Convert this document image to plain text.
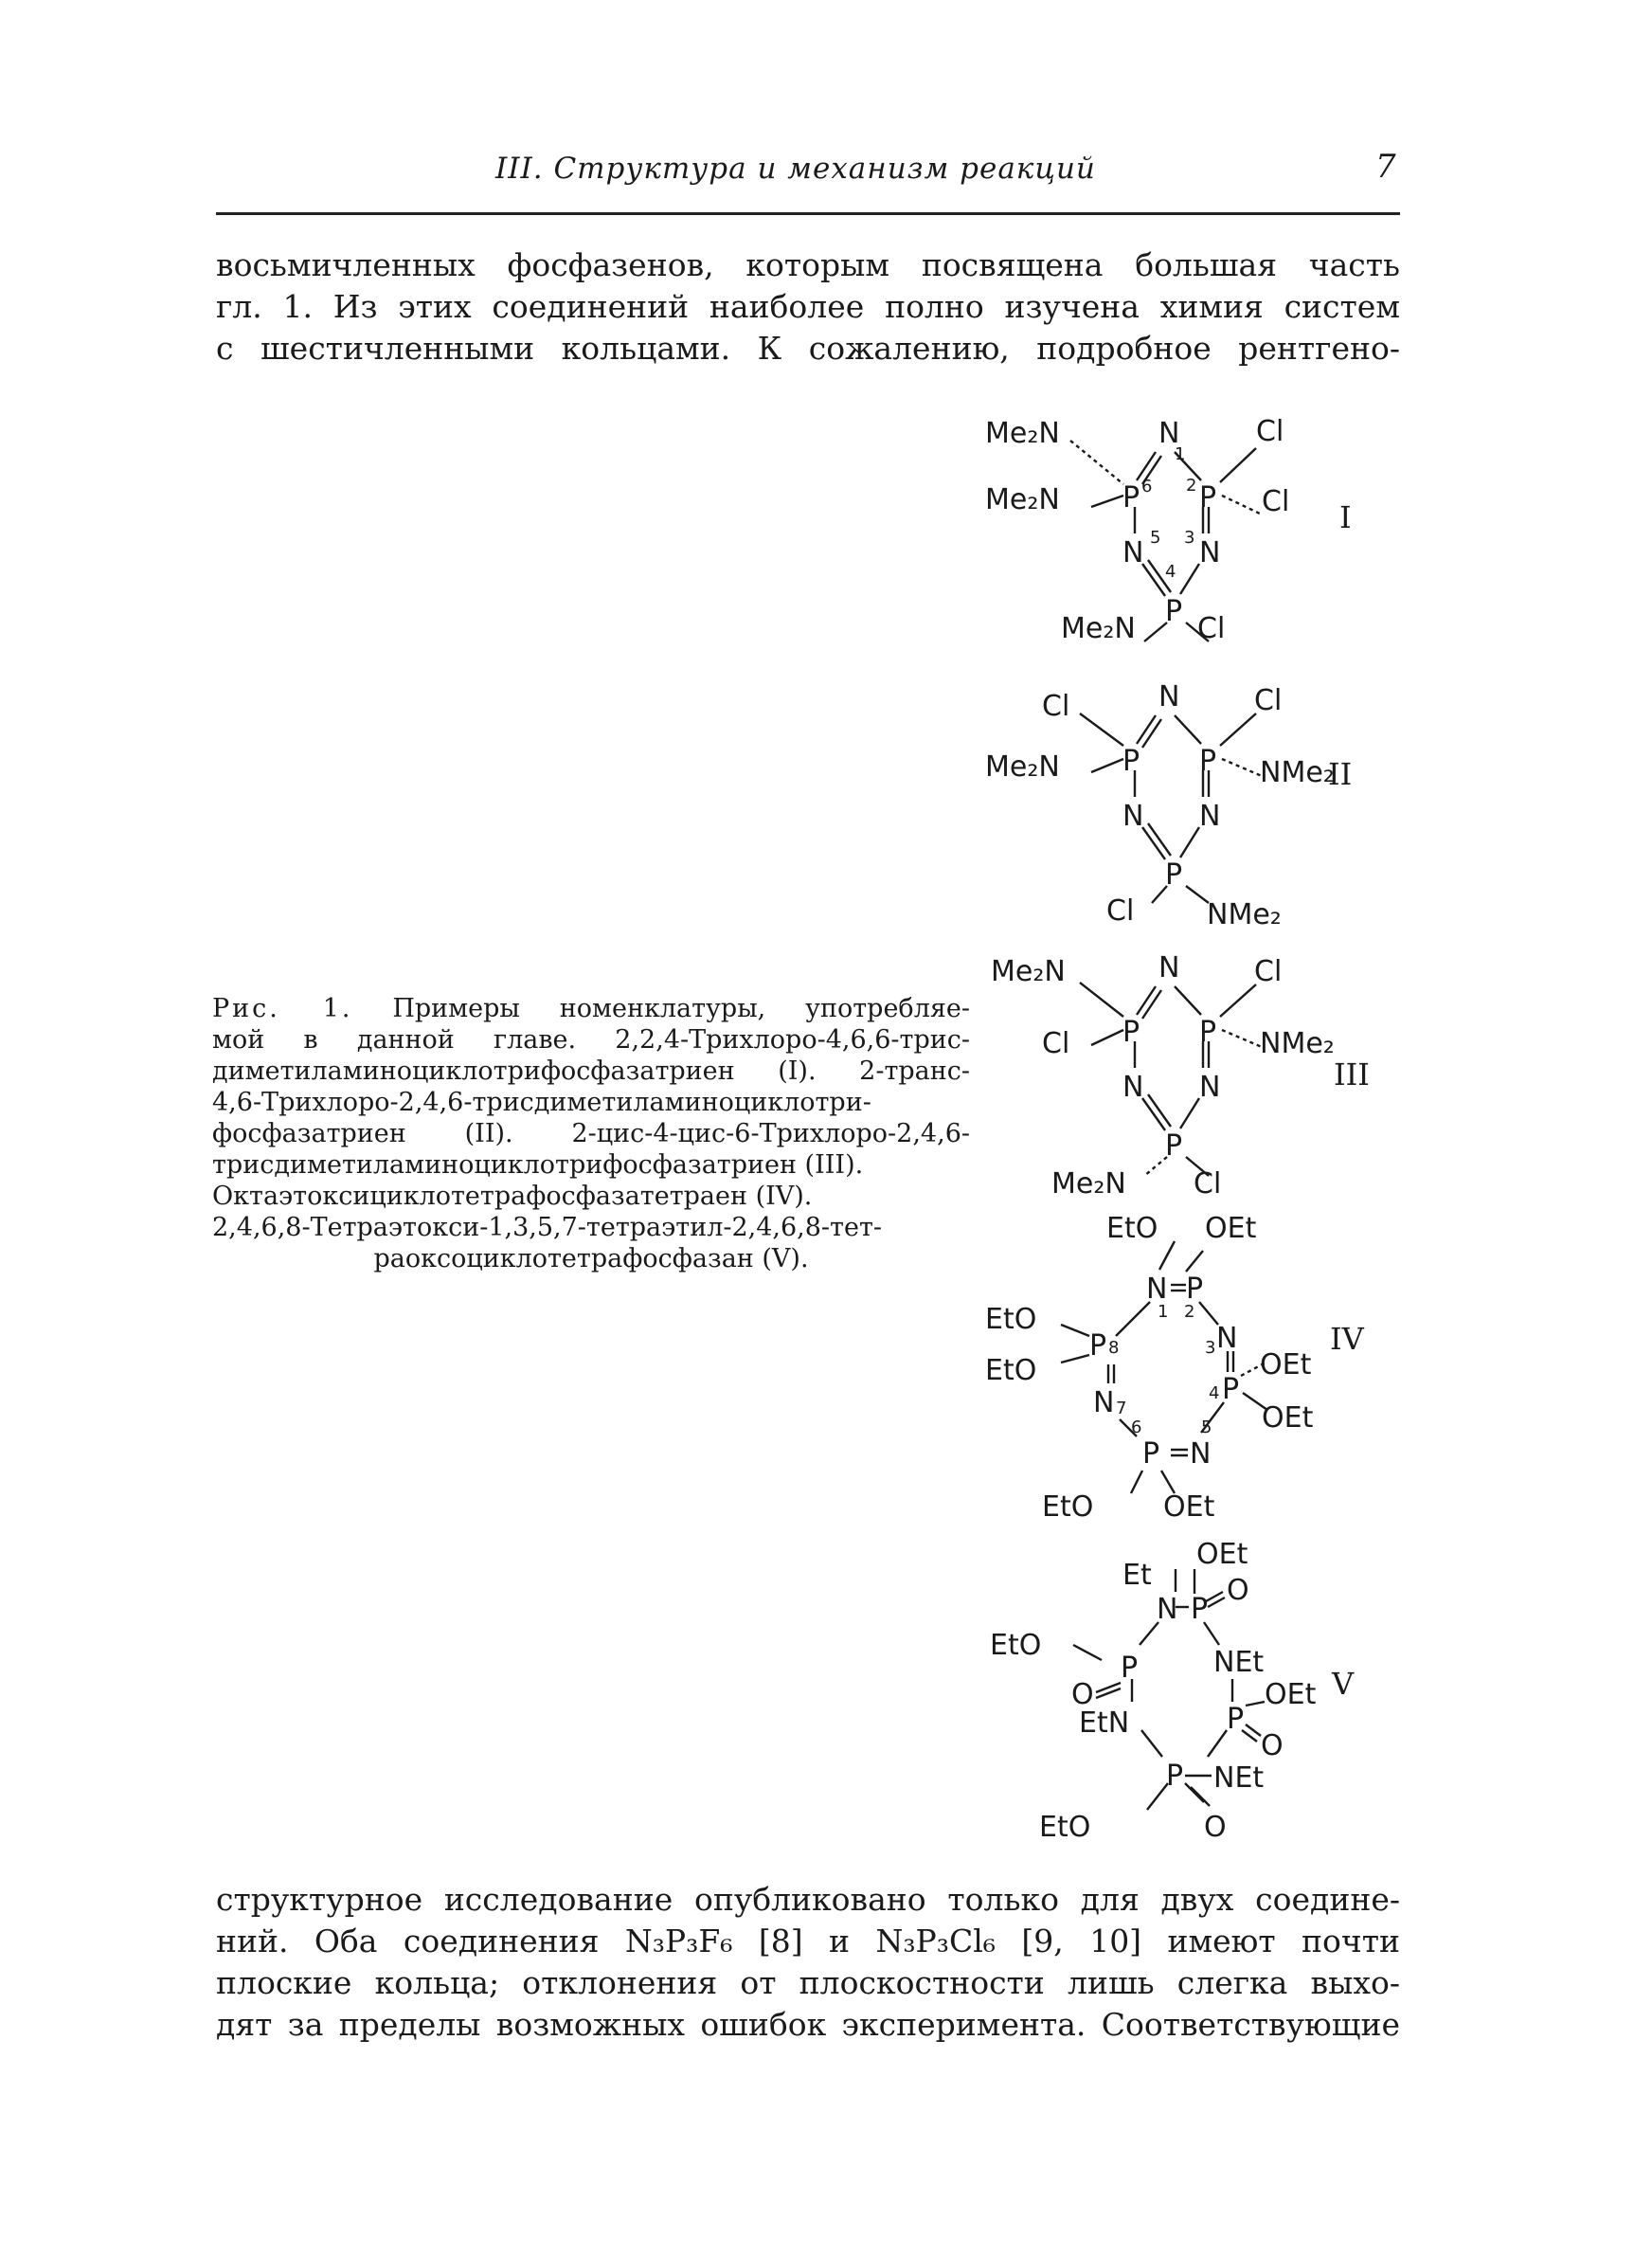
III. Структура и механизм реакций	7
восьмичленных фосфазенов, которым посвящена большая часть
гл. 1. Из этих соединений наиболее полно изучена химия систем
с шестичленными кольцами. К сожалению, подробное рентгено-
N
P P
N N
P
Me₂N
Me₂N
Cl
Cl
Me₂N Cl
1
2
3
4
5
6
I
N
P P
N N
P
Cl
Me₂N
Cl
NMe₂
Cl	NMe₂
II
N
P P
N N
P
Me₂N
Cl
Cl
NMe₂
Me₂N Cl
III
EtO OEt
N P
EtO
P	N
EtO	OEt
P
N	OEt
P N
EtO OEt
1 2
3
4
5
6
7
8	IV
OEt
Et
N P
O
EtO
NEt
P
O	OEt
EtN	P
O
P NEt
EtO	O
V
Рис. 1. Примеры номенклатуры, употребляе-
мой в данной главе. 2,2,4-Трихлоро-4,6,6-трис-
диметиламиноциклотрифосфазатриен (I). 2-транс-
4,6-Трихлоро-2,4,6-трисдиметиламиноциклотри-
фосфазатриен (II). 2-цис-4-цис-6-Трихлоро-2,4,6-
трисдиметиламиноциклотрифосфазатриен (III).
Октаэтоксициклотетрафосфазатетраен (IV).
2,4,6,8-Тетраэтокси-1,3,5,7-тетраэтил-2,4,6,8-тет-
раоксоциклотетрафосфазан (V).
структурное исследование опубликовано только для двух соедине-
ний. Оба соединения N₃P₃F₆ [8] и N₃P₃Cl₆ [9, 10] имеют почти
плоские кольца; отклонения от плоскостности лишь слегка выхо-
дят за пределы возможных ошибок эксперимента. Соответствующие
